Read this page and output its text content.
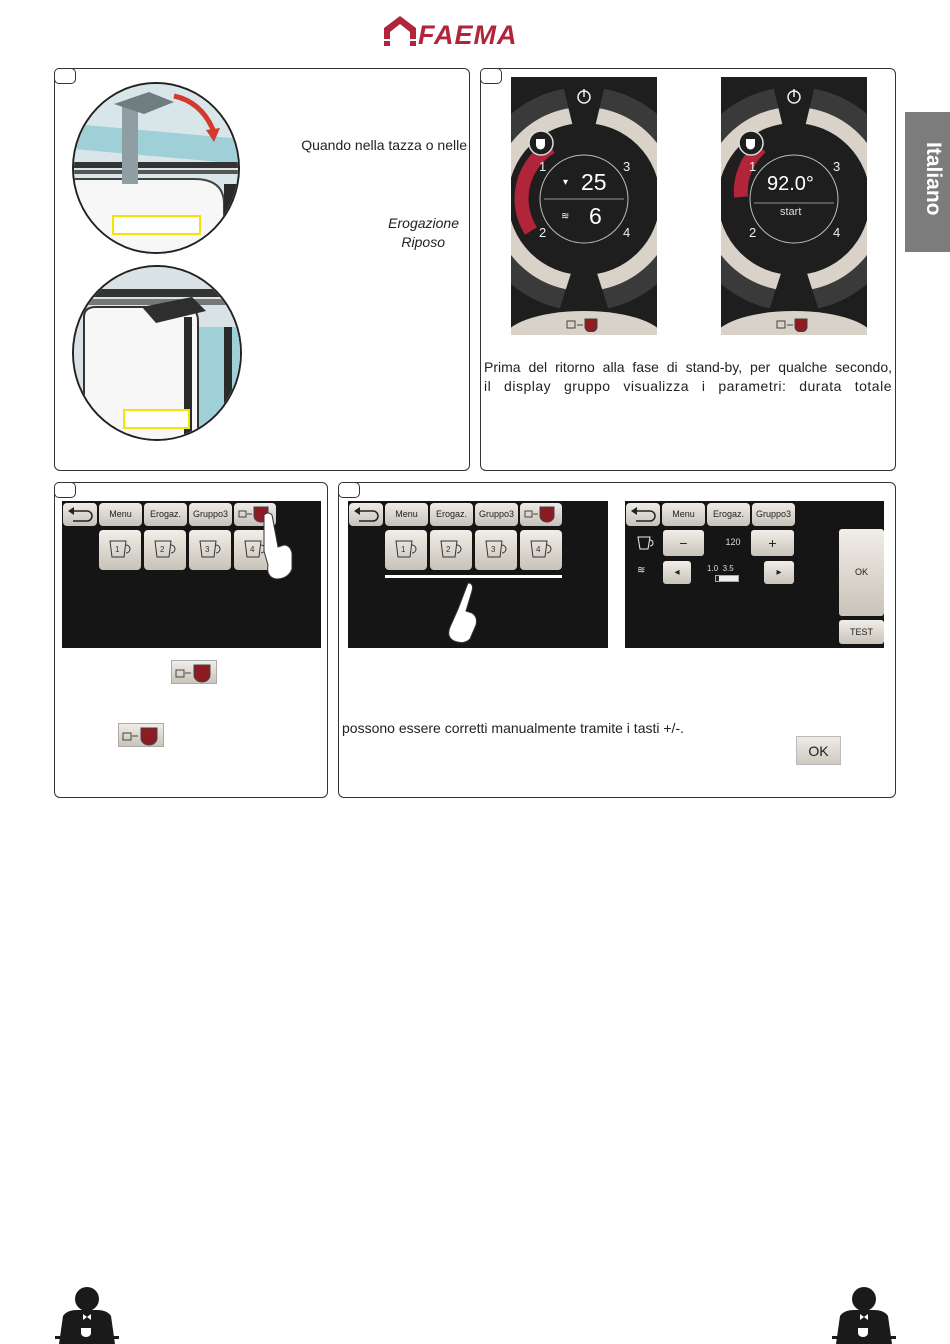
FAEMA
Italiano
Quando nella tazza o nelle
Erogazione
Riposo
1	3
2	4
25
6
▾
≋
1	3
2	4
92.0°
start
Prima del ritorno alla fase di stand-by, per qualche secondo,
il display gruppo visualizza i parametri: durata totale
Menu	Erogaz.	Gruppo3
1	2	3	4
Menu	Erogaz.	Gruppo3
1	2	3	4
Menu	Erogaz.	Gruppo3
≋
−	120	+
◂	1.0  3.5	▸	OK
TEST
possono essere corretti manualmente tramite i tasti +/-.
OK
